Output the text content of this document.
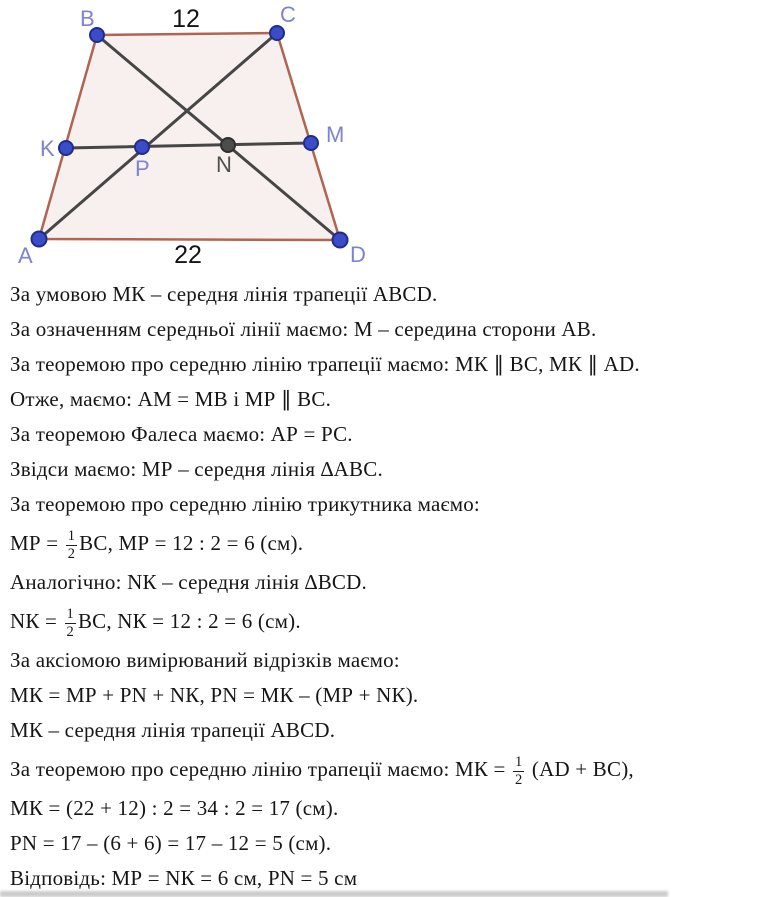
A
B	C
D
K
M
P	N
12
22
За умовою МК – середня лінія трапеції ABCD.
За означенням середньої лінії маємо: М – середина сторони АВ.
За теоремою про середню лінію трапеції маємо: МК ∥ ВС, МК ∥ AD.
Отже, маємо: АМ = МВ і МР ∥ ВС.
За теоремою Фалеса маємо: АР = РС.
Звідси маємо: МР – середня лінія ∆АВС.
За теоремою про середню лінію трикутника маємо:
МР = $\frac{1}{2}$ ВС, МР = 12 : 2 = 6 (см).
Аналогічно: NК – середня лінія ∆ВСD.
NК = $\frac{1}{2}$ ВС, NК = 12 : 2 = 6 (см).
За аксіомою вимірюваний відрізків маємо:
МК = МР + РN + NК, РN = МК – (МР + NК).
МК – середня лінія трапеції ABCD.
За теоремою про середню лінію трапеції маємо: МК = $\frac{1}{2} (AD + ВС)$,
МК = (22 + 12) : 2 = 34 : 2 = 17 (см).
РN = 17 – (6 + 6) = 17 – 12 = 5 (см).
Відповідь: МР = NК = 6 см, РN = 5 см
